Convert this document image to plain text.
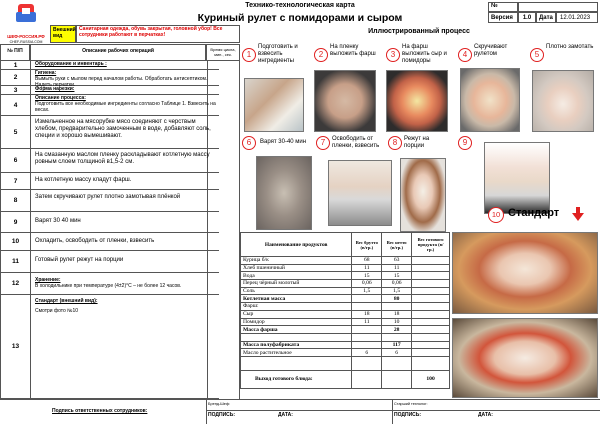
ШЕФ-РОССИЯ.РФ
CHEF-RUSSIA.COM
Технико-технологическая карта
Куриный рулет с помидорами и сыром
№
Версия	1.0	Дата	12.01.2023
Внешний вид
Санитарная одежда, обувь закрытая, головной убор! Все сотрудники работают в перчатках!	Иллюстрированный процесс
№ П/П	Описание рабочих операций	Время цикла, мин., сек.
1	Оборудование и инвентарь :
2
Гигиена:
Вымыть руки с мылом перед началом работы. Обработать антисептиком. Надеть перчатки.
3	Форма нарезки:
4
Описание процесса:
Подготовить все необходимые ингредиенты согласно Таблице 1. Взвесить на весах.
5
Измельченное на мясорубке мясо соединяют с черствым хлебом, предварительно замоченным в воде, добавляют соль, специи и хорошо вымешивают.
6
На смазанную маслом пленку раскладывают котлетную массу ровным слоем толщиной в1,5-2 см.
7	На котлетную массу кладут фарш.
8	Затем скручивают рулет плотно замотывая плёнкой
9	Варят 30 40 мин
10	Охладить, освободить от пленки, взвесить
11	Готовый рулет режут на порции
12	Хранение:
В холодильнике при температуре (4±2)°С – не более 12 часов.
13
Стандарт (внешний вид):
Смотри фото №10
1
Подготовить и взвесить ингредиенты
2
На пленку выложить фарш	3
На фарш выложить сыр и помидоры
4
Скручивают рулетом	5
Плотно замотать
6	Варят 30-40 мин	7	Освободить от пленки, взвесить	8	Режут на порции	9
10 Стандарт
Наименование продуктов	Вес брутто (в/гр.)	Вес нетто (в/гр.)	Вес готового продукта (в/гр.)
Курица б/к	68	63	
Хлеб пшеничный	11	11	
Вода	15	15	
Перец чёрный молотый	0,06	0,06	
Соль	1,5	1,5	
Котлетная масса		80	
Фарш:			
Сыр	18	18	
Помидор	11	10	
Масса фарша		28	

Масса полуфабриката		117	
Масло растительное	6	6	

Выход готового блюда:			100
Подпись ответственных сотрудников:
Бренд-Шеф:	Старший технолог:
ПОДПИСЬ:	ДАТА:	ПОДПИСЬ:	ДАТА:
